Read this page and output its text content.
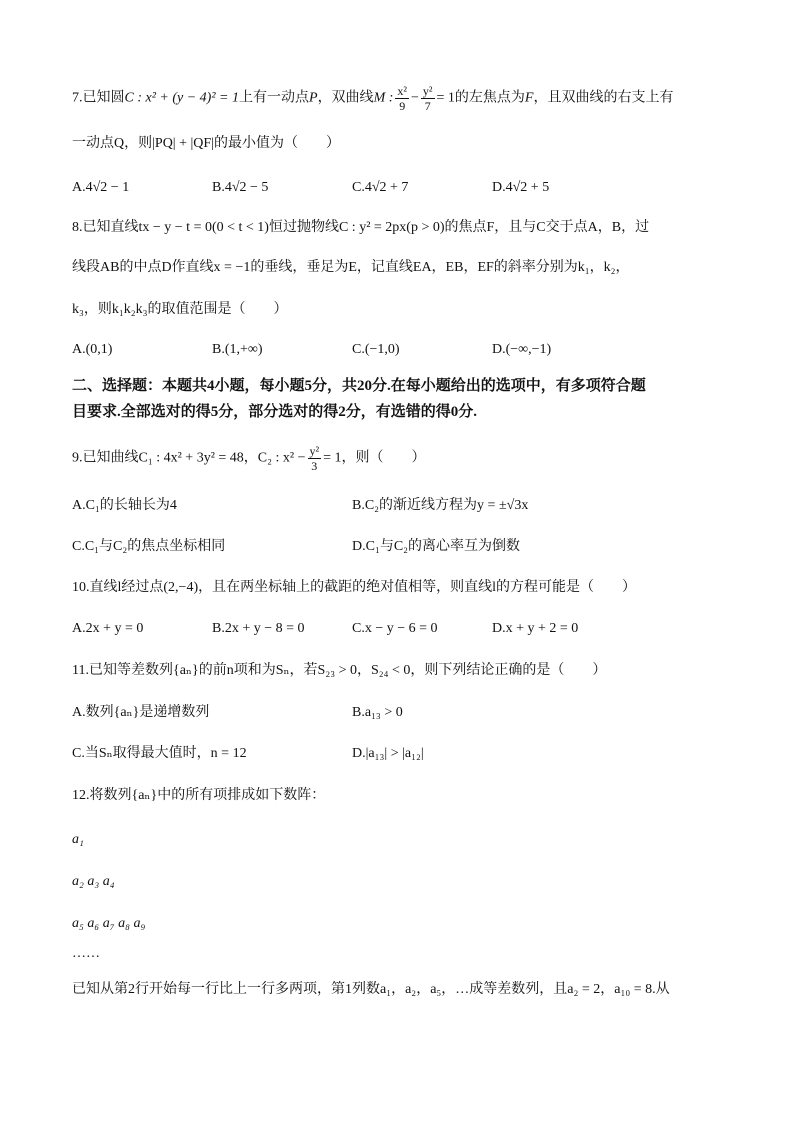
7.已知圆C : x² + (y − 4)² = 1上有一动点P，双曲线M : $\frac{\text{x²}}{9} - \frac{\text{y²}}{7} = 1$的左焦点为F，且双曲线的右支上有
一动点Q，则|PQ| + |QF|的最小值为（　　）
A.4√2 − 1	B.4√2 − 5	C.4√2 + 7	D.4√2 + 5
8.已知直线tx − y − t = 0(0 < t < 1)恒过抛物线C : y² = 2px(p > 0)的焦点F，且与C交于点A，B，过
线段AB的中点D作直线x = −1的垂线，垂足为E，记直线EA，EB，EF的斜率分别为k₁，k₂，
k₃，则k₁k₂k₃的取值范围是（　　）
A.(0,1)	B.(1,+∞)	C.(−1,0)	D.(−∞,−1)
二、选择题：本题共4小题，每小题5分，共20分.在每小题给出的选项中，有多项符合题
目要求.全部选对的得5分，部分选对的得2分，有选错的得0分.
9.已知曲线C₁ : 4x² + 3y² = 48，C₂ : $x^2 - \frac{\text{y²}}{3} = 1$，则（　　）
A.C₁的长轴长为4	B.C₂的渐近线方程为y = ±√3x
C.C₁与C₂的焦点坐标相同	D.C₁与C₂的离心率互为倒数
10.直线l经过点(2,−4)，且在两坐标轴上的截距的绝对值相等，则直线l的方程可能是（　　）
A.2x + y = 0	B.2x + y − 8 = 0	C.x − y − 6 = 0	D.x + y + 2 = 0
11.已知等差数列{aₙ}的前n项和为Sₙ，若S₂₃ > 0，S₂₄ < 0，则下列结论正确的是（　　）
A.数列{aₙ}是递增数列	B.a₁₃ > 0
C.当Sₙ取得最大值时，n = 12	D.|a₁₃| > |a₁₂|
12.将数列{aₙ}中的所有项排成如下数阵：
a₁
a₂ a₃ a₄
a₅ a₆ a₇ a₈ a₉
……
已知从第2行开始每一行比上一行多两项，第1列数a₁，a₂，a₅，…成等差数列，且a₂ = 2，a₁₀ = 8.从
